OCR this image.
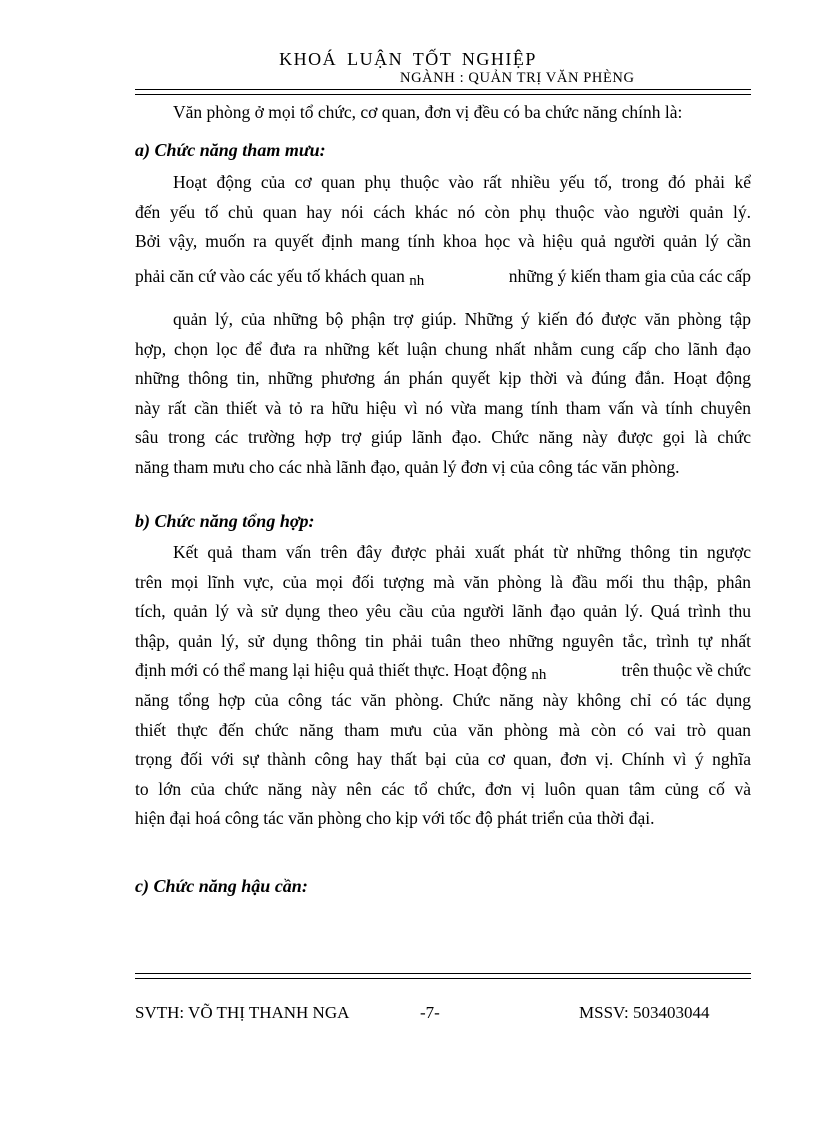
KHOÁ LUẬN TỐT NGHIỆP
NGÀNH : QUẢN TRỊ VĂN PHÈNG
Văn phòng ở mọi tổ chức, cơ quan, đơn vị đều có ba chức năng chính là:
a) Chức năng tham mưu:
Hoạt động của cơ quan phụ thuộc vào rất nhiều yếu tố, trong đó phải kể
đến yếu tố chủ quan hay nói cách khác nó còn phụ thuộc vào người quản lý.
Bởi vậy, muốn ra quyết định mang tính khoa học và hiệu quả người quản lý cần
phải căn cứ vào các yếu tố khách quan nh	những ý kiến tham gia của các cấp
quản lý, của những bộ phận trợ giúp. Những ý kiến đó được văn phòng tập
hợp, chọn lọc để đưa ra những kết luận chung nhất nhằm cung cấp cho lãnh đạo
những thông tin, những phương án phán quyết kịp thời và đúng đắn. Hoạt động
này rất cần thiết và tỏ ra hữu hiệu vì nó vừa mang tính tham vấn và tính chuyên
sâu trong các trường hợp trợ giúp lãnh đạo. Chức năng này được gọi là chức
năng tham mưu cho các nhà lãnh đạo, quản lý đơn vị của công tác văn phòng.
b) Chức năng tổng hợp:
Kết quả tham vấn trên đây được phải xuất phát từ những thông tin ngược
trên mọi lĩnh vực, của mọi đối tượng mà văn phòng là đầu mối thu thập, phân
tích, quản lý và sử dụng theo yêu cầu của người lãnh đạo quản lý. Quá trình thu
thập, quản lý, sử dụng thông tin phải tuân theo những nguyên tắc, trình tự nhất
định mới có thể mang lại hiệu quả thiết thực. Hoạt động nh	trên thuộc về chức
năng tổng hợp của công tác văn phòng. Chức năng này không chỉ có tác dụng
thiết thực đến chức năng tham mưu của văn phòng mà còn có vai trò quan
trọng đối với sự thành công hay thất bại của cơ quan, đơn vị. Chính vì ý nghĩa
to lớn của chức năng này nên các tổ chức, đơn vị luôn quan tâm củng cố và
hiện đại hoá công tác văn phòng cho kịp với tốc độ phát triển của thời đại.
c) Chức năng hậu cần:
SVTH: VÕ THỊ THANH NGA	-7-	MSSV: 503403044
